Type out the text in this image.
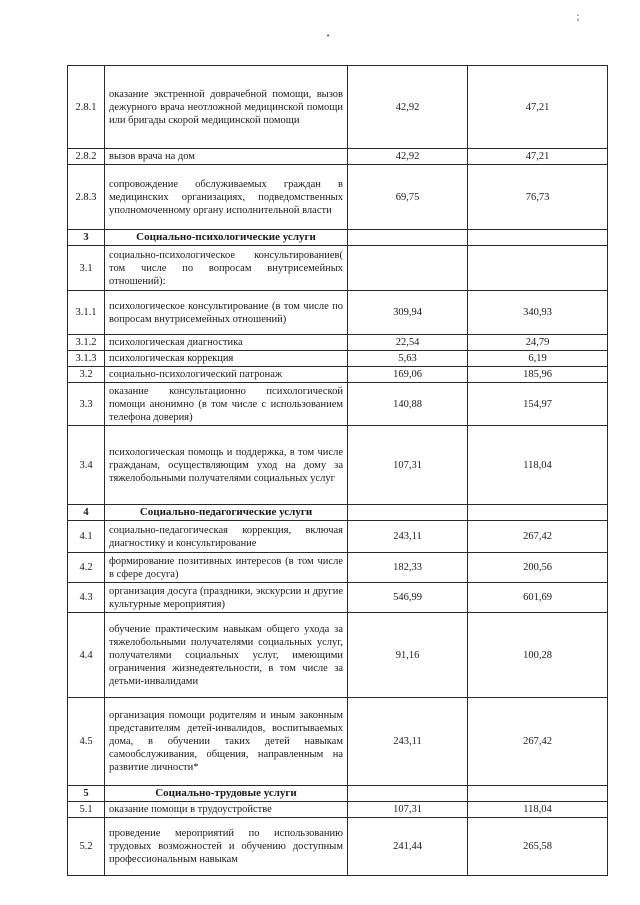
2.8.1	оказание экстренной доврачебной помощи, вызов дежурного врача неотложной медицинской помощи или бригады скорой медицинской помощи	42,92	47,21
2.8.2	вызов врача на дом	42,92	47,21
2.8.3	сопровождение обслуживаемых граждан в медицинских организациях, подведомственных уполномоченному органу исполнительной власти	69,75	76,73
3	Социально-психологические услуги		
3.1	социально-психологическое консультированиев( том числе по вопросам внутрисемейных отношений):		
3.1.1	психологическое консультирование (в том числе по вопросам внутрисемейных отношений)	309,94	340,93
3.1.2	психологическая диагностика	22,54	24,79
3.1.3	психологическая коррекция	5,63	6,19
3.2	социально-психологический патронаж	169,06	185,96
3.3	оказание консультационно психологической помощи анонимно (в том числе с использованием телефона доверия)	140,88	154,97
3.4	психологическая помощь и поддержка, в том числе гражданам, осуществляющим уход на дому за тяжелобольными получателями социальных услуг	107,31	118,04
4	Социально-педагогические услуги		
4.1	социально-педагогическая коррекция, включая диагностику и консультирование	243,11	267,42
4.2	формирование позитивных интересов (в том числе в сфере досуга)	182,33	200,56
4.3	организация досуга (праздники, экскурсии и другие культурные мероприятия)	546,99	601,69
4.4	обучение практическим навыкам общего ухода за тяжелобольными получателями социальных услуг, получателями социальных услуг, имеющими ограничения жизнедеятельности, в том числе за детьми-инвалидами	91,16	100,28
4.5	организация помощи родителям и иным законным представителям детей-инвалидов, воспитываемых дома, в обучении таких детей навыкам самообслуживания, общения, направленным на развитие личности*	243,11	267,42
5	Социально-трудовые услуги		
5.1	оказание помощи в трудоустройстве	107,31	118,04
5.2	проведение мероприятий по использованию трудовых возможностей и обучению доступным профессиональным навыкам	241,44	265,58
⁏
•
